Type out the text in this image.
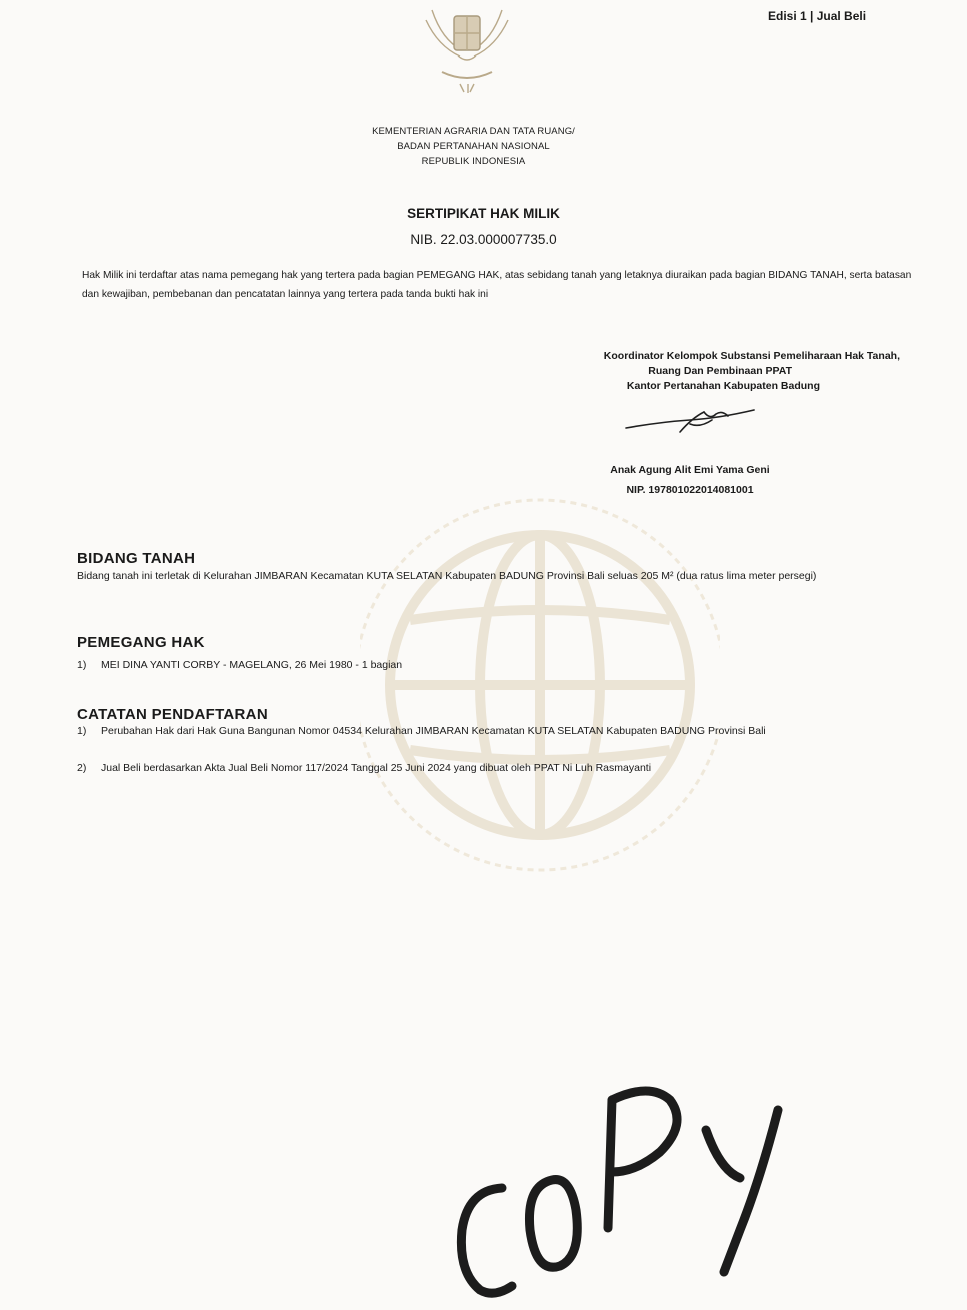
Edisi 1 | Jual Beli
KEMENTERIAN AGRARIA DAN TATA RUANG/
BADAN PERTANAHAN NASIONAL
REPUBLIK INDONESIA
SERTIPIKAT HAK MILIK
NIB. 22.03.000007735.0
Hak Milik ini terdaftar atas nama pemegang hak yang tertera pada bagian PEMEGANG HAK, atas sebidang tanah yang letaknya diuraikan pada bagian BIDANG TANAH, serta batasan dan kewajiban, pembebanan dan pencatatan lainnya yang tertera pada tanda bukti hak ini
Koordinator Kelompok Substansi Pemeliharaan Hak Tanah,
Ruang Dan Pembinaan PPAT
Kantor Pertanahan Kabupaten Badung
Anak Agung Alit Emi Yama Geni
NIP. 197801022014081001
BIDANG TANAH
Bidang tanah ini terletak di Kelurahan JIMBARAN Kecamatan KUTA SELATAN Kabupaten BADUNG Provinsi Bali seluas 205 M² (dua ratus lima meter persegi)
PEMEGANG HAK
1)	MEI DINA YANTI CORBY - MAGELANG, 26 Mei 1980 - 1 bagian
CATATAN PENDAFTARAN
1)	Perubahan Hak dari Hak Guna Bangunan Nomor 04534 Kelurahan JIMBARAN Kecamatan KUTA SELATAN Kabupaten BADUNG Provinsi Bali
2)	Jual Beli berdasarkan Akta Jual Beli Nomor 117/2024 Tanggal 25 Juni 2024 yang dibuat oleh PPAT Ni Luh Rasmayanti
